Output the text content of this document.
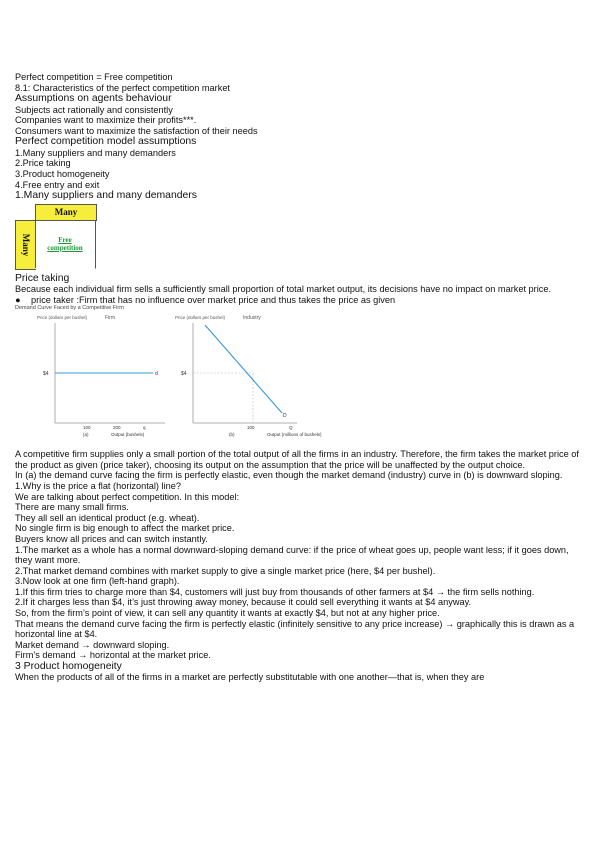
Perfect competition = Free competition
8.1: Characteristics of the perfect competition market
Assumptions on agents behaviour
Subjects act rationally and consistently
Companies want to maximize their profits***.
Consumers want to maximize the satisfaction of their needs
Perfect competition model assumptions
1.Many suppliers and many demanders
2.Price taking
3.Product homogeneity
4.Free entry and exit
1.Many suppliers and many demanders
Many
Many	Free competition
Price taking
Because each individual firm sells a sufficiently small proportion of total market output, its decisions have no impact on market price.
● price taker :Firm that has no influence over market price and thus takes the price as given
Demand Curve Faced by a Competitive Firm
Price (dollars per bushel)	Firm
$4	d
100	200	q
(a)	Output (bushels)
Price (dollars per bushel)	Industry
$4
D
100	Q
(b)	Output (millions of bushels)
A competitive firm supplies only a small portion of the total output of all the firms in an industry. Therefore, the firm takes the market price of the product as given (price taker), choosing its output on the assumption that the price will be unaffected by the output choice.
In (a) the demand curve facing the firm is perfectly elastic, even though the market demand (industry) curve in (b) is downward sloping.
1.Why is the price a flat (horizontal) line?
We are talking about perfect competition. In this model:
There are many small firms.
They all sell an identical product (e.g. wheat).
No single firm is big enough to affect the market price.
Buyers know all prices and can switch instantly.
1.The market as a whole has a normal downward-sloping demand curve: if the price of wheat goes up, people want less; if it goes down, they want more.
2.That market demand combines with market supply to give a single market price (here, $4 per bushel).
3.Now look at one firm (left-hand graph).
1.If this firm tries to charge more than $4, customers will just buy from thousands of other farmers at $4 → the firm sells nothing.
2.If it charges less than $4, it’s just throwing away money, because it could sell everything it wants at $4 anyway.
So, from the firm’s point of view, it can sell any quantity it wants at exactly $4, but not at any higher price.
That means the demand curve facing the firm is perfectly elastic (infinitely sensitive to any price increase) → graphically this is drawn as a horizontal line at $4.
Market demand → downward sloping.
Firm’s demand → horizontal at the market price.
3 Product homogeneity
When the products of all of the firms in a market are perfectly substitutable with one another—that is, when they are
